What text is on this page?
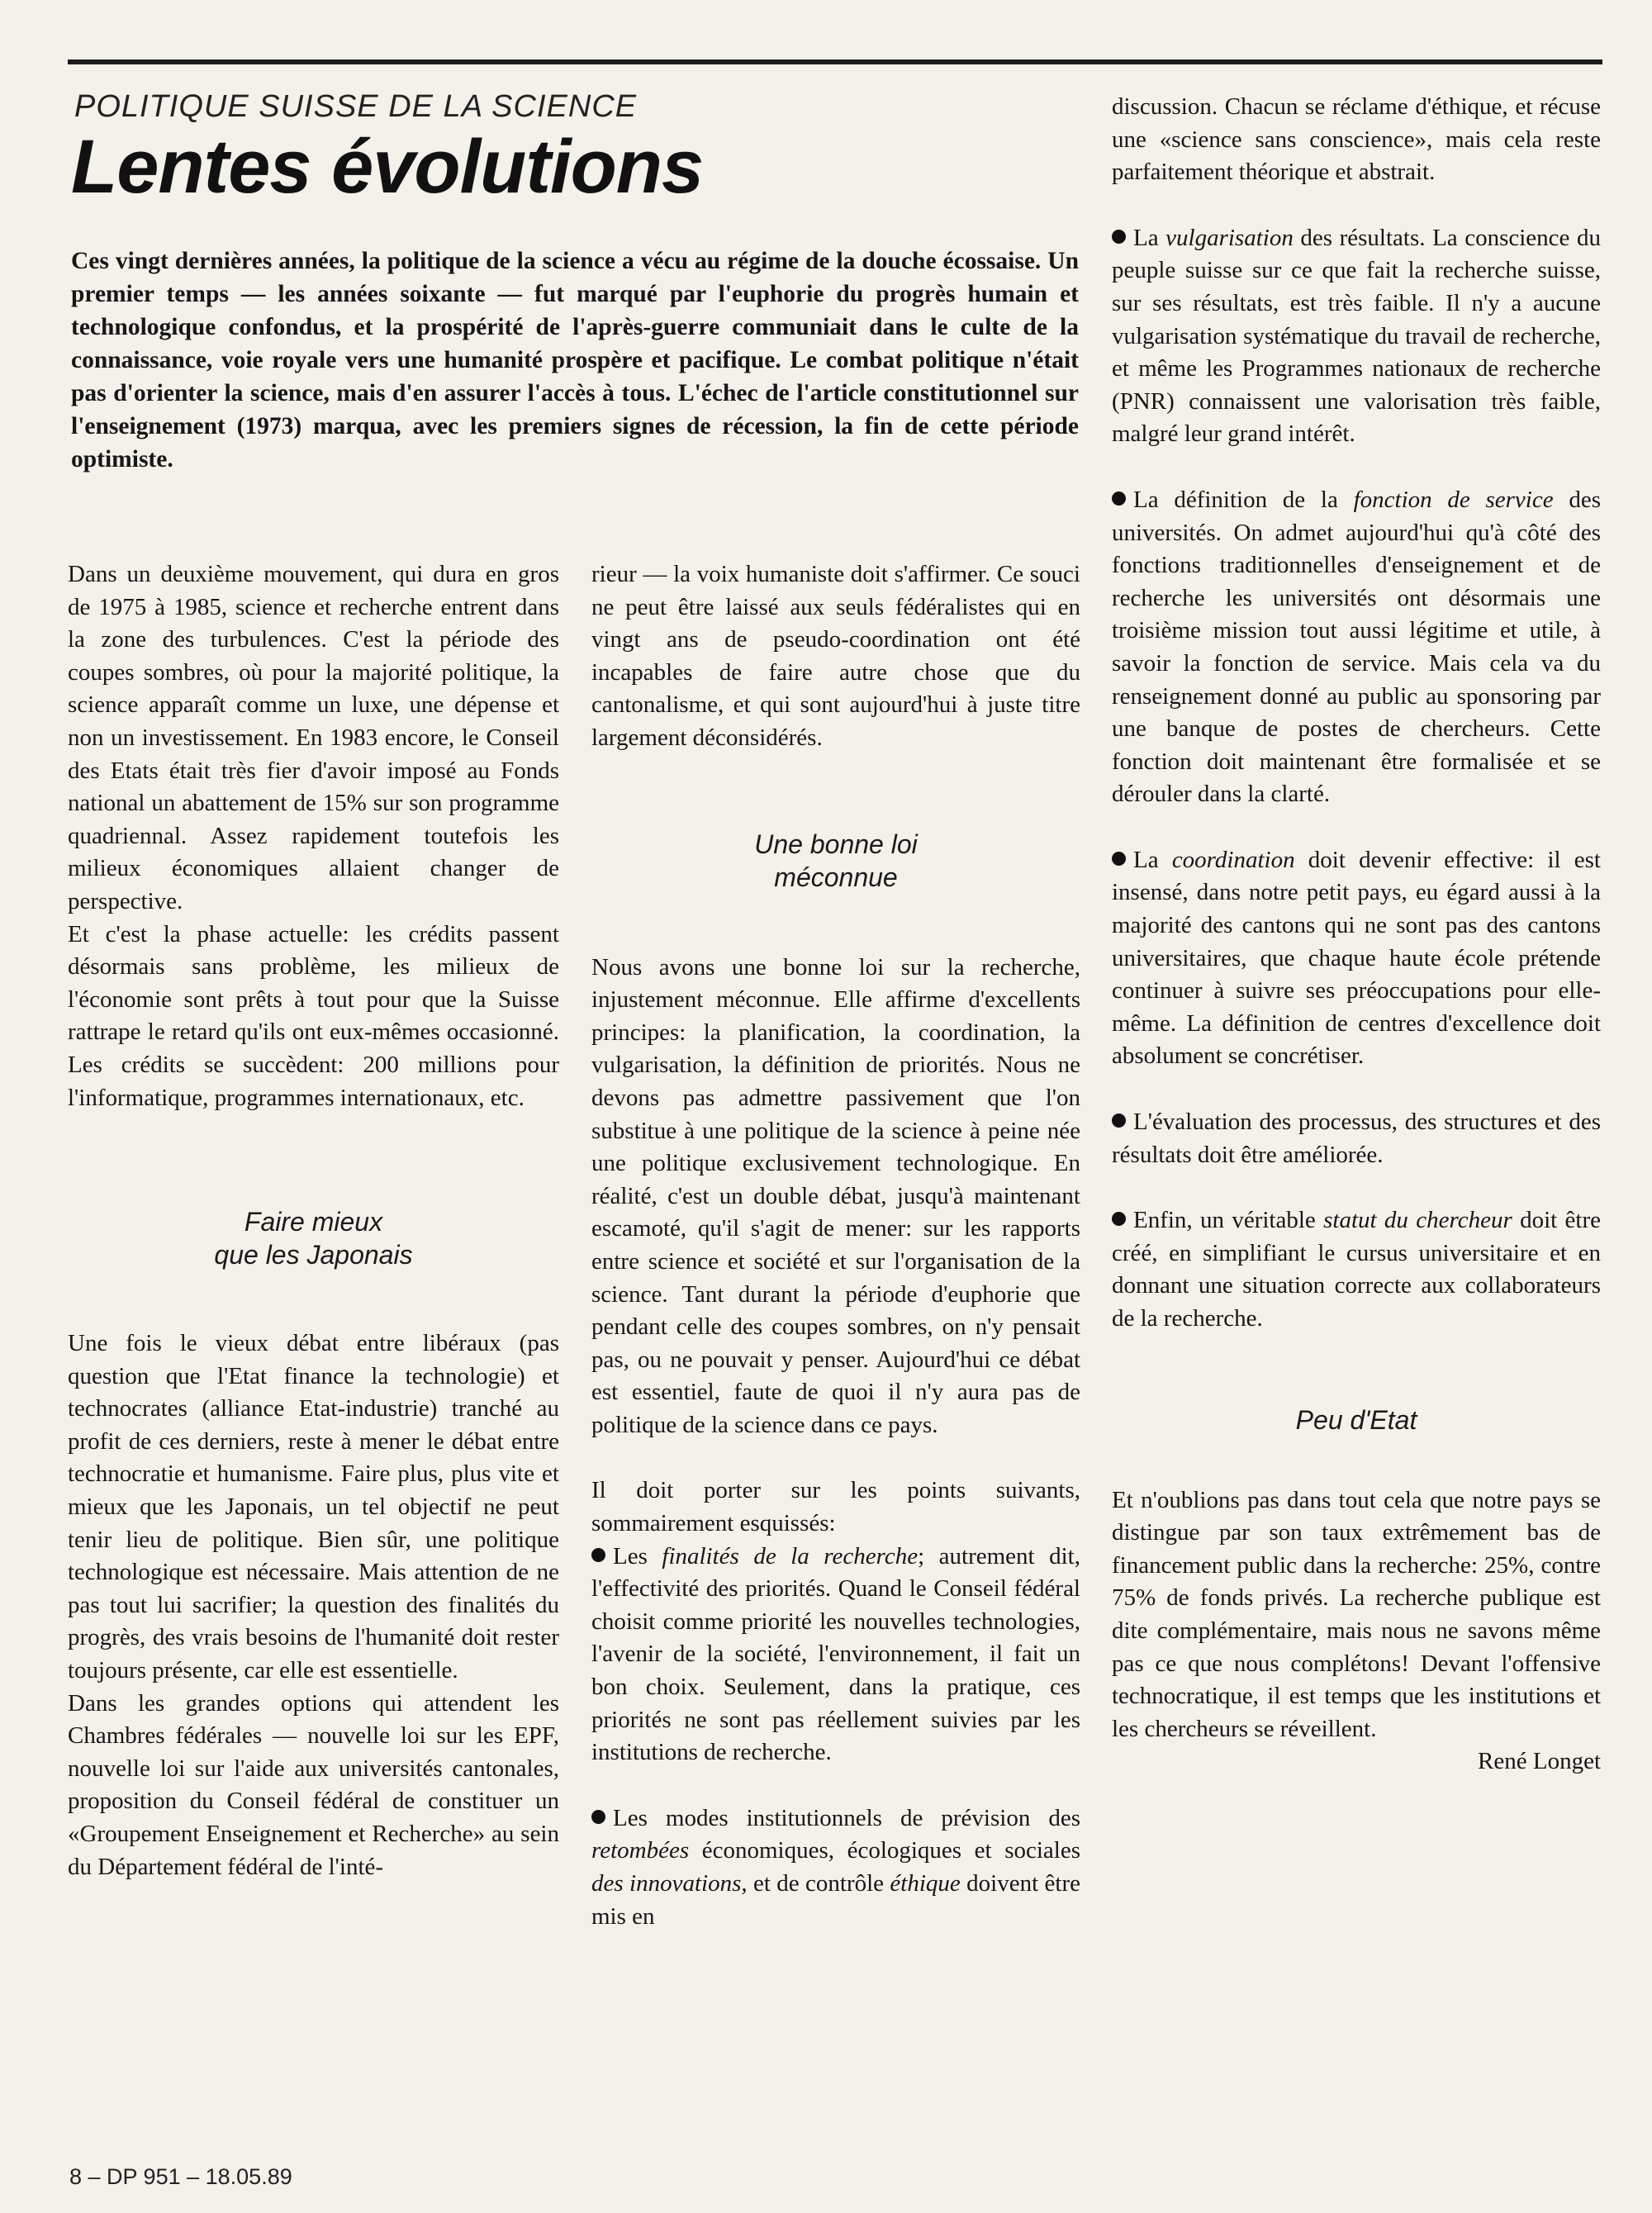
POLITIQUE SUISSE DE LA SCIENCE
Lentes évolutions

Ces vingt dernières années, la politique de la science a vécu au régime de la douche écossaise. Un premier temps — les années soixante — fut marqué par l'euphorie du progrès humain et technologique confondus, et la prospérité de l'après-guerre communiait dans le culte de la connaissance, voie royale vers une humanité prospère et pacifique. Le combat politique n'était pas d'orienter la science, mais d'en assurer l'accès à tous. L'échec de l'article constitutionnel sur l'enseignement (1973) marqua, avec les premiers signes de récession, la fin de cette période optimiste.

Dans un deuxième mouvement, qui dura en gros de 1975 à 1985, science et recherche entrent dans la zone des turbulences. C'est la période des coupes sombres, où pour la majorité politique, la science apparaît comme un luxe, une dépense et non un investissement. En 1983 encore, le Conseil des Etats était très fier d'avoir imposé au Fonds national un abattement de 15% sur son programme quadriennal. Assez rapidement toutefois les milieux économiques allaient changer de perspective.

Et c'est la phase actuelle: les crédits passent désormais sans problème, les milieux de l'économie sont prêts à tout pour que la Suisse rattrape le retard qu'ils ont eux-mêmes occasionné. Les crédits se succèdent: 200 millions pour l'informatique, programmes internationaux, etc.

Faire mieux
que les Japonais

Une fois le vieux débat entre libéraux (pas question que l'Etat finance la technologie) et technocrates (alliance Etat-industrie) tranché au profit de ces derniers, reste à mener le débat entre technocratie et humanisme. Faire plus, plus vite et mieux que les Japonais, un tel objectif ne peut tenir lieu de politique. Bien sûr, une politique technologique est nécessaire. Mais attention de ne pas tout lui sacrifier; la question des finalités du progrès, des vrais besoins de l'humanité doit rester toujours présente, car elle est essentielle.

Dans les grandes options qui attendent les Chambres fédérales — nouvelle loi sur les EPF, nouvelle loi sur l'aide aux universités cantonales, proposition du Conseil fédéral de constituer un «Groupement Enseignement et Recherche» au sein du Département fédéral de l'inté-

rieur — la voix humaniste doit s'affirmer. Ce souci ne peut être laissé aux seuls fédéralistes qui en vingt ans de pseudo-coordination ont été incapables de faire autre chose que du cantonalisme, et qui sont aujourd'hui à juste titre largement déconsidérés.

Une bonne loi
méconnue

Nous avons une bonne loi sur la recherche, injustement méconnue. Elle affirme d'excellents principes: la planification, la coordination, la vulgarisation, la définition de priorités. Nous ne devons pas admettre passivement que l'on substitue à une politique de la science à peine née une politique exclusivement technologique. En réalité, c'est un double débat, jusqu'à maintenant escamoté, qu'il s'agit de mener: sur les rapports entre science et société et sur l'organisation de la science. Tant durant la période d'euphorie que pendant celle des coupes sombres, on n'y pensait pas, ou ne pouvait y penser. Aujourd'hui ce débat est essentiel, faute de quoi il n'y aura pas de politique de la science dans ce pays.

Il doit porter sur les points suivants, sommairement esquissés:

Les finalités de la recherche; autrement dit, l'effectivité des priorités. Quand le Conseil fédéral choisit comme priorité les nouvelles technologies, l'avenir de la société, l'environnement, il fait un bon choix. Seulement, dans la pratique, ces priorités ne sont pas réellement suivies par les institutions de recherche.

Les modes institutionnels de prévision des retombées économiques, écologiques et sociales des innovations, et de contrôle éthique doivent être mis en

discussion. Chacun se réclame d'éthique, et récuse une «science sans conscience», mais cela reste parfaitement théorique et abstrait.

La vulgarisation des résultats. La conscience du peuple suisse sur ce que fait la recherche suisse, sur ses résultats, est très faible. Il n'y a aucune vulgarisation systématique du travail de recherche, et même les Programmes nationaux de recherche (PNR) connaissent une valorisation très faible, malgré leur grand intérêt.

La définition de la fonction de service des universités. On admet aujourd'hui qu'à côté des fonctions traditionnelles d'enseignement et de recherche les universités ont désormais une troisième mission tout aussi légitime et utile, à savoir la fonction de service. Mais cela va du renseignement donné au public au sponsoring par une banque de postes de chercheurs. Cette fonction doit maintenant être formalisée et se dérouler dans la clarté.

La coordination doit devenir effective: il est insensé, dans notre petit pays, eu égard aussi à la majorité des cantons qui ne sont pas des cantons universitaires, que chaque haute école prétende continuer à suivre ses préoccupations pour elle-même. La définition de centres d'excellence doit absolument se concrétiser.

L'évaluation des processus, des structures et des résultats doit être améliorée.

Enfin, un véritable statut du chercheur doit être créé, en simplifiant le cursus universitaire et en donnant une situation correcte aux collaborateurs de la recherche.

Peu d'Etat

Et n'oublions pas dans tout cela que notre pays se distingue par son taux extrêmement bas de financement public dans la recherche: 25%, contre 75% de fonds privés. La recherche publique est dite complémentaire, mais nous ne savons même pas ce que nous complétons! Devant l'offensive technocratique, il est temps que les institutions et les chercheurs se réveillent.

René Longet

8 – DP 951 – 18.05.89
